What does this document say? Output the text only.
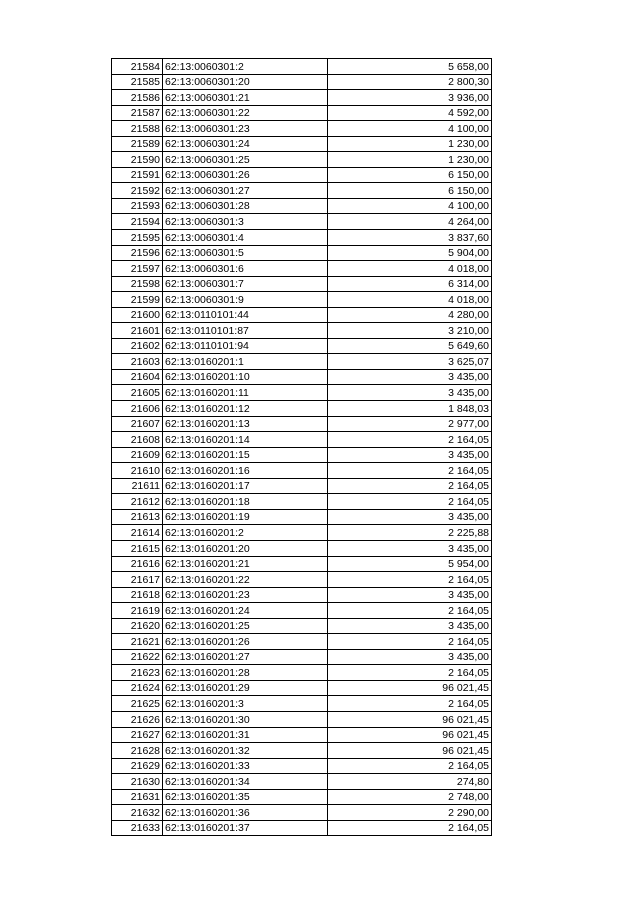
21584	62:13:0060301:2	5 658,00
21585	62:13:0060301:20	2 800,30
21586	62:13:0060301:21	3 936,00
21587	62:13:0060301:22	4 592,00
21588	62:13:0060301:23	4 100,00
21589	62:13:0060301:24	1 230,00
21590	62:13:0060301:25	1 230,00
21591	62:13:0060301:26	6 150,00
21592	62:13:0060301:27	6 150,00
21593	62:13:0060301:28	4 100,00
21594	62:13:0060301:3	4 264,00
21595	62:13:0060301:4	3 837,60
21596	62:13:0060301:5	5 904,00
21597	62:13:0060301:6	4 018,00
21598	62:13:0060301:7	6 314,00
21599	62:13:0060301:9	4 018,00
21600	62:13:0110101:44	4 280,00
21601	62:13:0110101:87	3 210,00
21602	62:13:0110101:94	5 649,60
21603	62:13:0160201:1	3 625,07
21604	62:13:0160201:10	3 435,00
21605	62:13:0160201:11	3 435,00
21606	62:13:0160201:12	1 848,03
21607	62:13:0160201:13	2 977,00
21608	62:13:0160201:14	2 164,05
21609	62:13:0160201:15	3 435,00
21610	62:13:0160201:16	2 164,05
21611	62:13:0160201:17	2 164,05
21612	62:13:0160201:18	2 164,05
21613	62:13:0160201:19	3 435,00
21614	62:13:0160201:2	2 225,88
21615	62:13:0160201:20	3 435,00
21616	62:13:0160201:21	5 954,00
21617	62:13:0160201:22	2 164,05
21618	62:13:0160201:23	3 435,00
21619	62:13:0160201:24	2 164,05
21620	62:13:0160201:25	3 435,00
21621	62:13:0160201:26	2 164,05
21622	62:13:0160201:27	3 435,00
21623	62:13:0160201:28	2 164,05
21624	62:13:0160201:29	96 021,45
21625	62:13:0160201:3	2 164,05
21626	62:13:0160201:30	96 021,45
21627	62:13:0160201:31	96 021,45
21628	62:13:0160201:32	96 021,45
21629	62:13:0160201:33	2 164,05
21630	62:13:0160201:34	274,80
21631	62:13:0160201:35	2 748,00
21632	62:13:0160201:36	2 290,00
21633	62:13:0160201:37	2 164,05
